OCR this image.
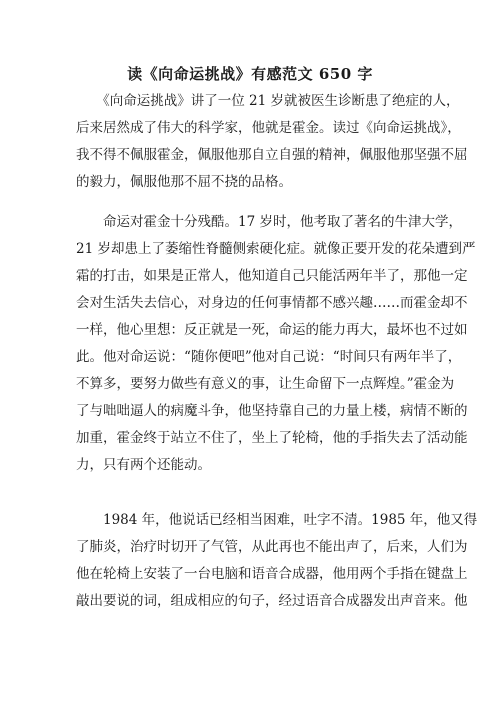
读《向命运挑战》有感范文 650 字
　　《向命运挑战》讲了一位 21 岁就被医生诊断患了绝症的人，
后来居然成了伟大的科学家，他就是霍金。读过《向命运挑战》，
我不得不佩服霍金，佩服他那自立自强的精神，佩服他那坚强不屈
的毅力，佩服他那不屈不挠的品格。
　　命运对霍金十分残酷。17 岁时，他考取了著名的牛津大学，
21 岁却患上了萎缩性脊髓侧索硬化症。就像正要开发的花朵遭到严
霜的打击，如果是正常人，他知道自己只能活两年半了，那他一定
会对生活失去信心，对身边的任何事情都不感兴趣……而霍金却不
一样，他心里想：反正就是一死，命运的能力再大，最坏也不过如
此。他对命运说：“随你便吧”他对自己说：“时间只有两年半了，
不算多，要努力做些有意义的事，让生命留下一点辉煌。”霍金为
了与咄咄逼人的病魔斗争，他坚持靠自己的力量上楼，病情不断的
加重，霍金终于站立不住了，坐上了轮椅，他的手指失去了活动能
力，只有两个还能动。
　　1984 年，他说话已经相当困难，吐字不清。1985 年，他又得
了肺炎，治疗时切开了气管，从此再也不能出声了，后来，人们为
他在轮椅上安装了一台电脑和语音合成器，他用两个手指在键盘上
敲出要说的词，组成相应的句子，经过语音合成器发出声音来。他
